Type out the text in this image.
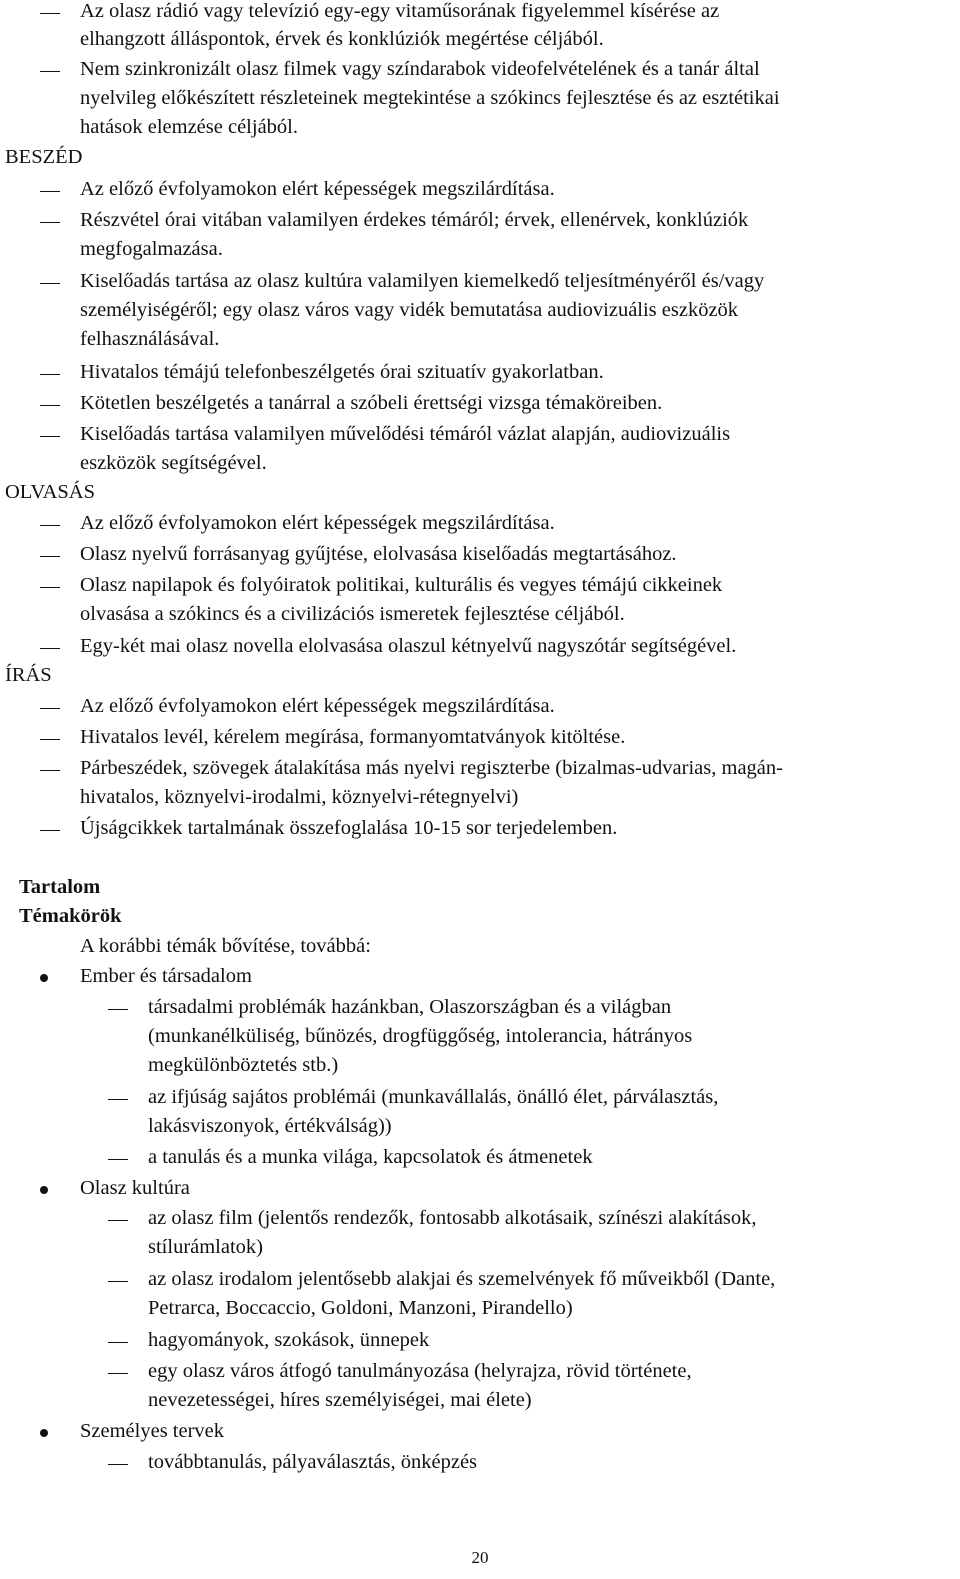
Az olasz rádió vagy televízió egy-egy vitaműsorának figyelemmel kísérése az

elhangzott álláspontok, érvek és konklúziók megértése céljából.

Nem szinkronizált olasz filmek vagy színdarabok videofelvételének és a tanár által

nyelvileg előkészített részleteinek megtekintése a szókincs fejlesztése és az esztétikai

hatások elemzése céljából.

BESZÉD

Az előző évfolyamokon elért képességek megszilárdítása.

Részvétel órai vitában valamilyen érdekes témáról; érvek, ellenérvek, konklúziók

megfogalmazása.

Kiselőadás tartása az olasz kultúra valamilyen kiemelkedő teljesítményéről és/vagy

személyiségéről; egy olasz város vagy vidék bemutatása audiovizuális eszközök

felhasználásával.

Hivatalos témájú telefonbeszélgetés órai szituatív gyakorlatban.

Kötetlen beszélgetés a tanárral a szóbeli érettségi vizsga témaköreiben.

Kiselőadás tartása valamilyen művelődési témáról vázlat alapján, audiovizuális

eszközök segítségével.

OLVASÁS

Az előző évfolyamokon elért képességek megszilárdítása.

Olasz nyelvű forrásanyag gyűjtése, elolvasása kiselőadás megtartásához.

Olasz napilapok és folyóiratok politikai, kulturális és vegyes témájú cikkeinek

olvasása a szókincs és a civilizációs ismeretek fejlesztése céljából.

Egy-két mai olasz novella elolvasása olaszul kétnyelvű nagyszótár segítségével.

ÍRÁS

Az előző évfolyamokon elért képességek megszilárdítása.

Hivatalos levél, kérelem megírása, formanyomtatványok kitöltése.

Párbeszédek, szövegek átalakítása más nyelvi regiszterbe (bizalmas-udvarias, magán-

hivatalos, köznyelvi-irodalmi, köznyelvi-rétegnyelvi)

Újságcikkek tartalmának összefoglalása 10-15 sor terjedelemben.

Tartalom

Témakörök

A korábbi témák bővítése, továbbá:

Ember és társadalom

társadalmi problémák hazánkban, Olaszországban és a világban

(munkanélküliség, bűnözés, drogfüggőség, intolerancia, hátrányos

megkülönböztetés stb.)

az ifjúság sajátos problémái (munkavállalás, önálló élet, párválasztás,

lakásviszonyok, értékválság))

a tanulás és a munka világa, kapcsolatok és átmenetek

Olasz kultúra

az olasz film (jelentős rendezők, fontosabb alkotásaik, színészi alakítások,

stílurámlatok)

az olasz irodalom jelentősebb alakjai és szemelvények fő műveikből (Dante,

Petrarca, Boccaccio, Goldoni, Manzoni, Pirandello)

hagyományok, szokások, ünnepek

egy olasz város átfogó tanulmányozása (helyrajza, rövid története,

nevezetességei, híres személyiségei, mai élete)

Személyes tervek

továbbtanulás, pályaválasztás, önképzés

20
